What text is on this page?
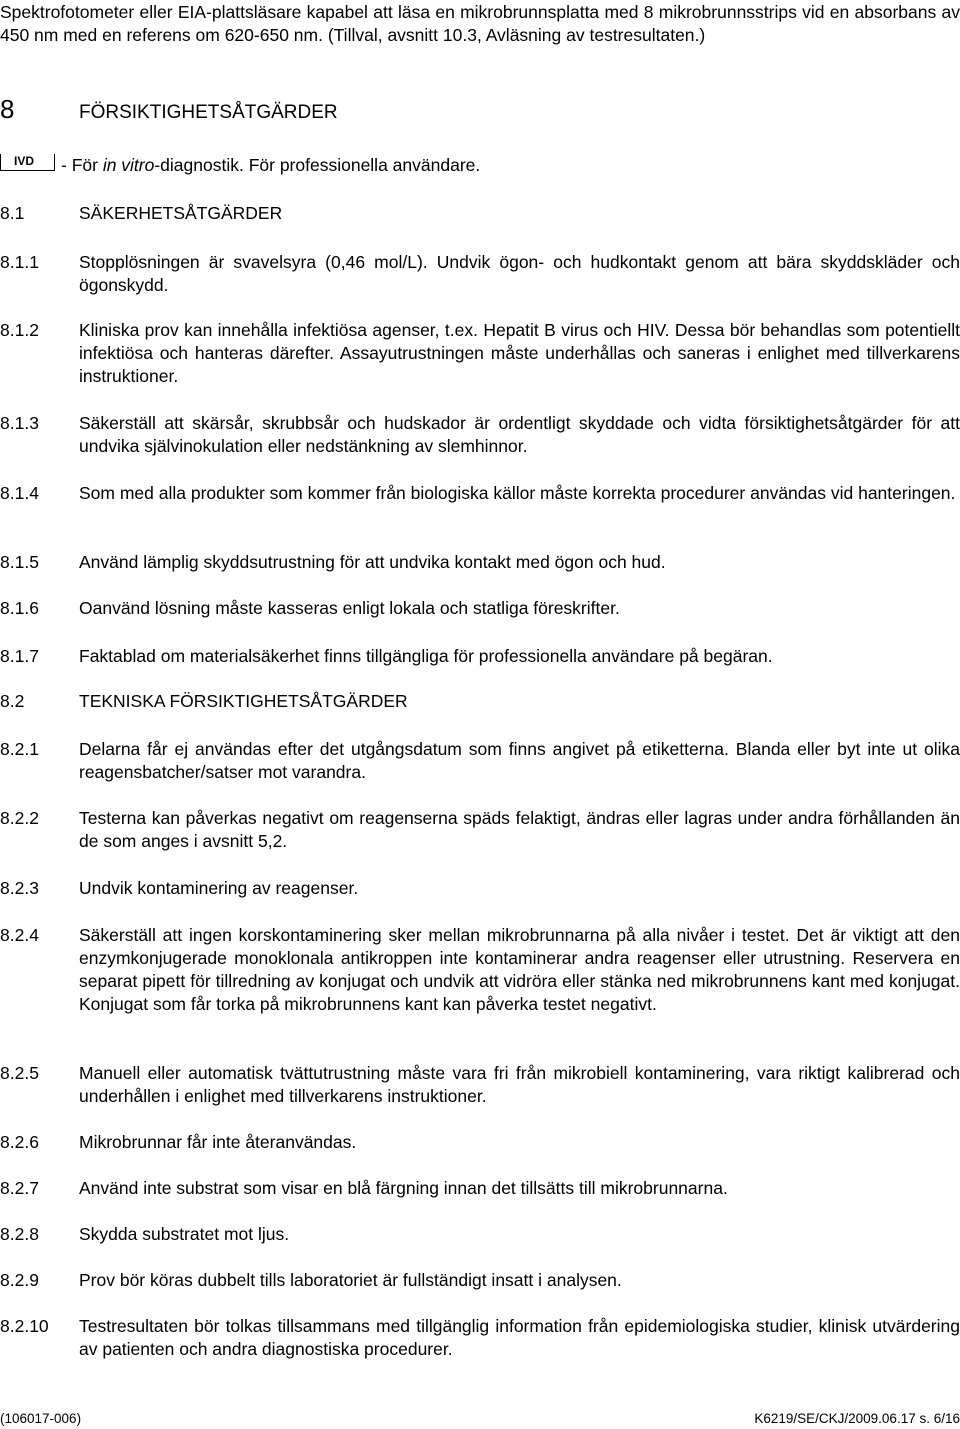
Spektrofotometer eller EIA-plattsläsare kapabel att läsa en mikrobrunnsplatta med 8 mikrobrunnsstrips vid en absorbans av 450 nm med en referens om 620-650 nm. (Tillval, avsnitt 10.3, Avläsning av testresultaten.)
8	FÖRSIKTIGHETSÅTGÄRDER
IVD	- För in vitro-diagnostik. För professionella användare.
8.1	SÄKERHETSÅTGÄRDER
8.1.1	Stopplösningen är svavelsyra (0,46 mol/L). Undvik ögon- och hudkontakt genom att bära skyddskläder och ögonskydd.
8.1.2	Kliniska prov kan innehålla infektiösa agenser, t.ex. Hepatit B virus och HIV. Dessa bör behandlas som potentiellt infektiösa och hanteras därefter. Assayutrustningen måste underhållas och saneras i enlighet med tillverkarens instruktioner.
8.1.3	Säkerställ att skärsår, skrubbsår och hudskador är ordentligt skyddade och vidta försiktighetsåtgärder för att undvika självinokulation eller nedstänkning av slemhinnor.
8.1.4	Som med alla produkter som kommer från biologiska källor måste korrekta procedurer användas vid hanteringen.
8.1.5	Använd lämplig skyddsutrustning för att undvika kontakt med ögon och hud.
8.1.6	Oanvänd lösning måste kasseras enligt lokala och statliga föreskrifter.
8.1.7	Faktablad om materialsäkerhet finns tillgängliga för professionella användare på begäran.
8.2	TEKNISKA FÖRSIKTIGHETSÅTGÄRDER
8.2.1	Delarna får ej användas efter det utgångsdatum som finns angivet på etiketterna. Blanda eller byt inte ut olika reagensbatcher/satser mot varandra.
8.2.2	Testerna kan påverkas negativt om reagenserna späds felaktigt, ändras eller lagras under andra förhållanden än de som anges i avsnitt 5,2.
8.2.3	Undvik kontaminering av reagenser.
8.2.4	Säkerställ att ingen korskontaminering sker mellan mikrobrunnarna på alla nivåer i testet. Det är viktigt att den enzymkonjugerade monoklonala antikroppen inte kontaminerar andra reagenser eller utrustning. Reservera en separat pipett för tillredning av konjugat och undvik att vidröra eller stänka ned mikrobrunnens kant med konjugat. Konjugat som får torka på mikrobrunnens kant kan påverka testet negativt.
8.2.5	Manuell eller automatisk tvättutrustning måste vara fri från mikrobiell kontaminering, vara riktigt kalibrerad och underhållen i enlighet med tillverkarens instruktioner.
8.2.6	Mikrobrunnar får inte återanvändas.
8.2.7	Använd inte substrat som visar en blå färgning innan det tillsätts till mikrobrunnarna.
8.2.8	Skydda substratet mot ljus.
8.2.9	Prov bör köras dubbelt tills laboratoriet är fullständigt insatt i analysen.
8.2.10	Testresultaten bör tolkas tillsammans med tillgänglig information från epidemiologiska studier, klinisk utvärdering av patienten och andra diagnostiska procedurer.
(106017-006)	K6219/SE/CKJ/2009.06.17 s. 6/16
